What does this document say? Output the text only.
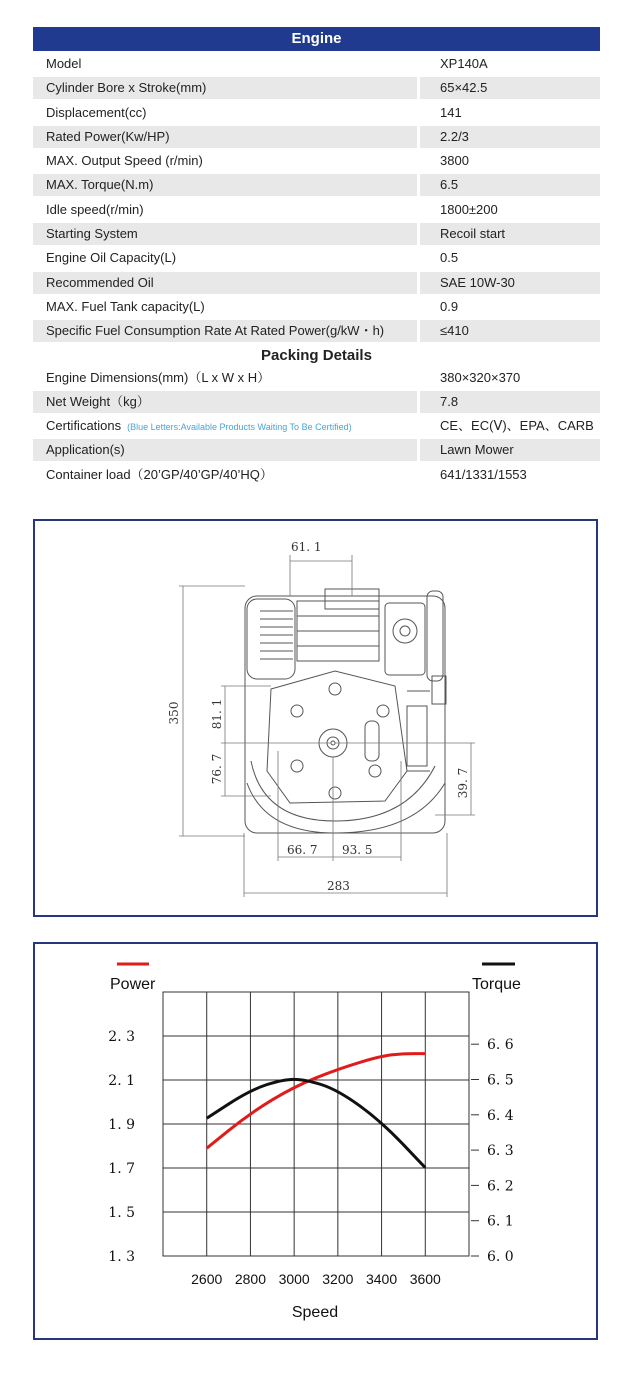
Engine
Model	XP140A
Cylinder Bore x Stroke(mm)	65×42.5
Displacement(cc)	141
Rated Power(Kw/HP)	2.2/3
MAX. Output Speed (r/min)	3800
MAX. Torque(N.m)	6.5
Idle speed(r/min)	1800±200
Starting System	Recoil start
Engine Oil Capacity(L)	0.5
Recommended Oil	SAE 10W-30
MAX. Fuel Tank capacity(L)	0.9
Specific Fuel Consumption Rate At Rated Power(g/kW・h)	≤410
Packing Details
Engine Dimensions(mm)（L x W x H）	380×320×370
Net Weight（kg）	7.8
Certifications (Blue Letters:Available Products Waiting To Be Certified)	CE、EC(Ⅴ)、EPA、CARB
Application(s)	Lawn Mower
Container load（20’GP/40’GP/40’HQ）	641/1331/1553
61. 1
350 81. 1
76. 7	39. 7
66. 7 93. 5
283
2600 2800 3000 3200 3400 3600
1. 3
1. 5
1. 7
1. 9
2. 1
2. 3
6. 0
6. 1
6. 2
6. 3
6. 4
6. 5
6. 6
Power	Torque
Speed
